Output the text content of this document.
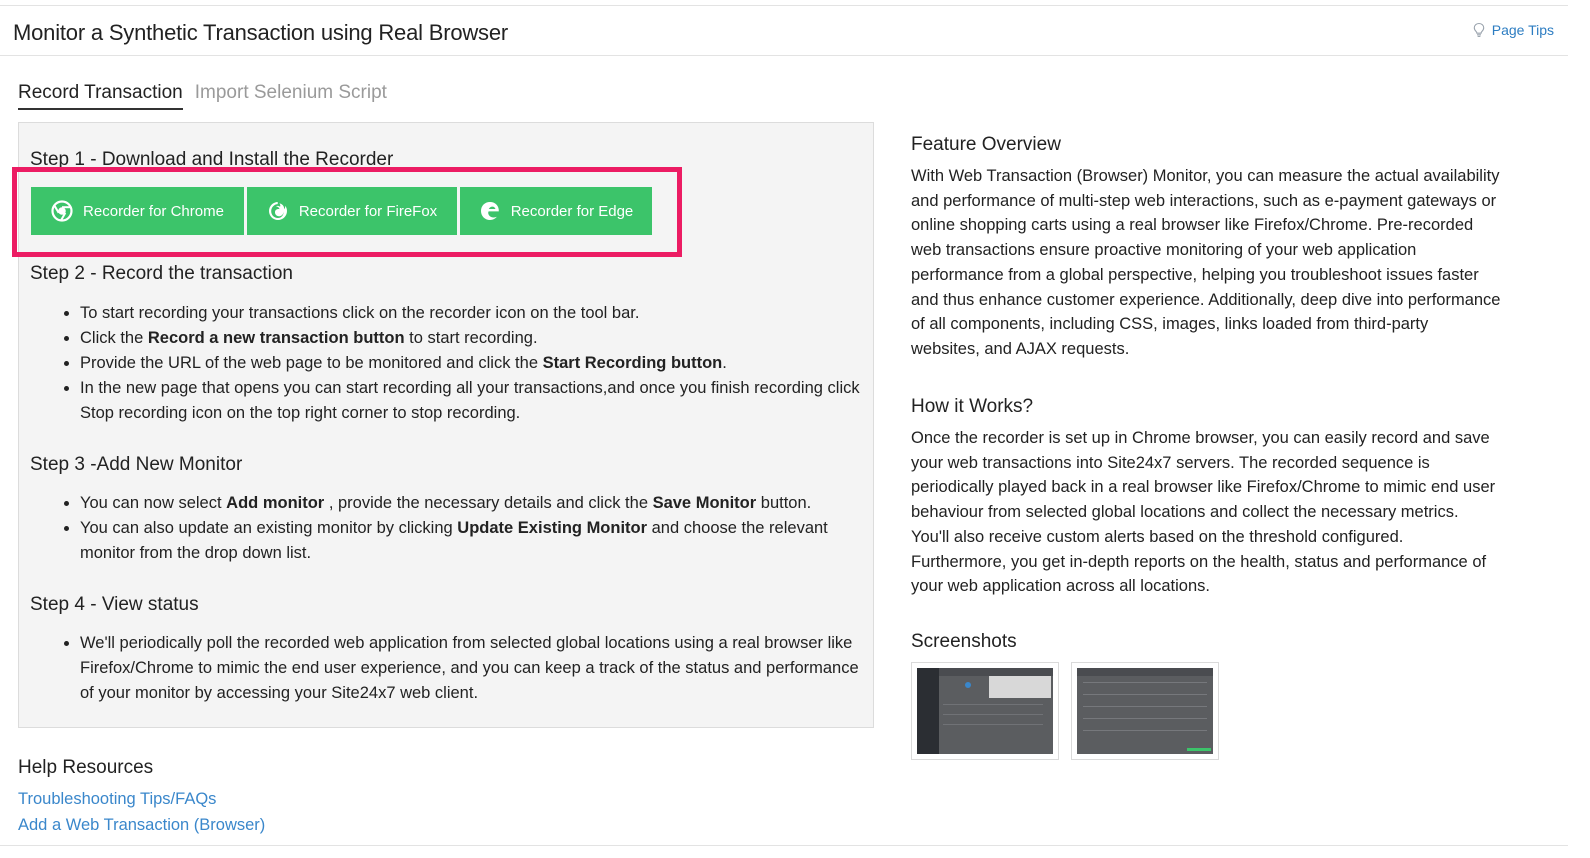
Monitor a Synthetic Transaction using Real Browser	Page Tips
Record Transaction Import Selenium Script
Step 1 - Download and Install the Recorder
Recorder for Chrome	Recorder for FireFox	Recorder for Edge
Step 2 - Record the transaction
• To start recording your transactions click on the recorder icon on the tool bar.
• Click the Record a new transaction button to start recording.
• Provide the URL of the web page to be monitored and click the Start Recording button.
• In the new page that opens you can start recording all your transactions,and once you finish recording click Stop recording icon on the top right corner to stop recording.
Step 3 -Add New Monitor
• You can now select Add monitor , provide the necessary details and click the Save Monitor button.
• You can also update an existing monitor by clicking Update Existing Monitor and choose the relevant monitor from the drop down list.
Step 4 - View status
• We'll periodically poll the recorded web application from selected global locations using a real browser like Firefox/Chrome to mimic the end user experience, and you can keep a track of the status and performance of your monitor by accessing your Site24x7 web client.
Feature Overview
With Web Transaction (Browser) Monitor, you can measure the actual availability and performance of multi-step web interactions, such as e-payment gateways or online shopping carts using a real browser like Firefox/Chrome. Pre-recorded web transactions ensure proactive monitoring of your web application performance from a global perspective, helping you troubleshoot issues faster and thus enhance customer experience. Additionally, deep dive into performance of all components, including CSS, images, links loaded from third-party websites, and AJAX requests.
How it Works?
Once the recorder is set up in Chrome browser, you can easily record and save your web transactions into Site24x7 servers. The recorded sequence is periodically played back in a real browser like Firefox/Chrome to mimic end user behaviour from selected global locations and collect the necessary metrics. You'll also receive custom alerts based on the threshold configured. Furthermore, you get in-depth reports on the health, status and performance of your web application across all locations.
Screenshots
Help Resources
Troubleshooting Tips/FAQs
Add a Web Transaction (Browser)
